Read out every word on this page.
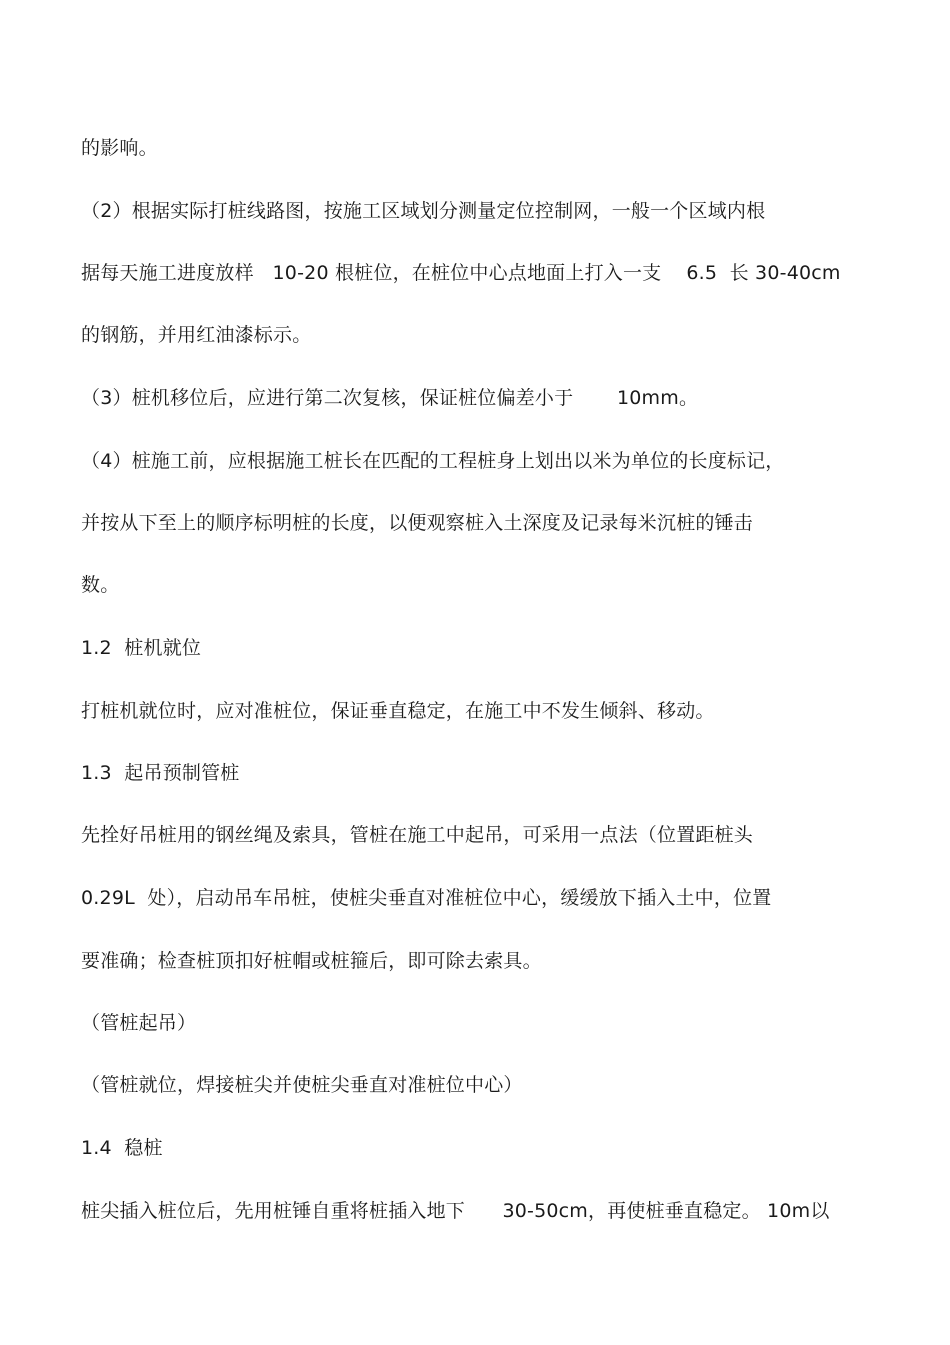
的影响。
（2）根据实际打桩线路图，按施工区域划分测量定位控制网，一般一个区域内根
据每天施工进度放样   10-20 根桩位，在桩位中心点地面上打入一支    6.5  长 30-40cm
的钢筋，并用红油漆标示。
（3）桩机移位后，应进行第二次复核，保证桩位偏差小于       10mm。
（4）桩施工前，应根据施工桩长在匹配的工程桩身上划出以米为单位的长度标记，
并按从下至上的顺序标明桩的长度，以便观察桩入土深度及记录每米沉桩的锤击
数。
1.2  桩机就位
打桩机就位时，应对准桩位，保证垂直稳定，在施工中不发生倾斜、移动。
1.3  起吊预制管桩
先拴好吊桩用的钢丝绳及索具，管桩在施工中起吊，可采用一点法（位置距桩头
0.29L  处），启动吊车吊桩，使桩尖垂直对准桩位中心，缓缓放下插入土中，位置
要准确；检查桩顶扣好桩帽或桩箍后，即可除去索具。
（管桩起吊）
（管桩就位，焊接桩尖并使桩尖垂直对准桩位中心）
1.4  稳桩
桩尖插入桩位后，先用桩锤自重将桩插入地下      30-50cm，再使桩垂直稳定。 10m以
